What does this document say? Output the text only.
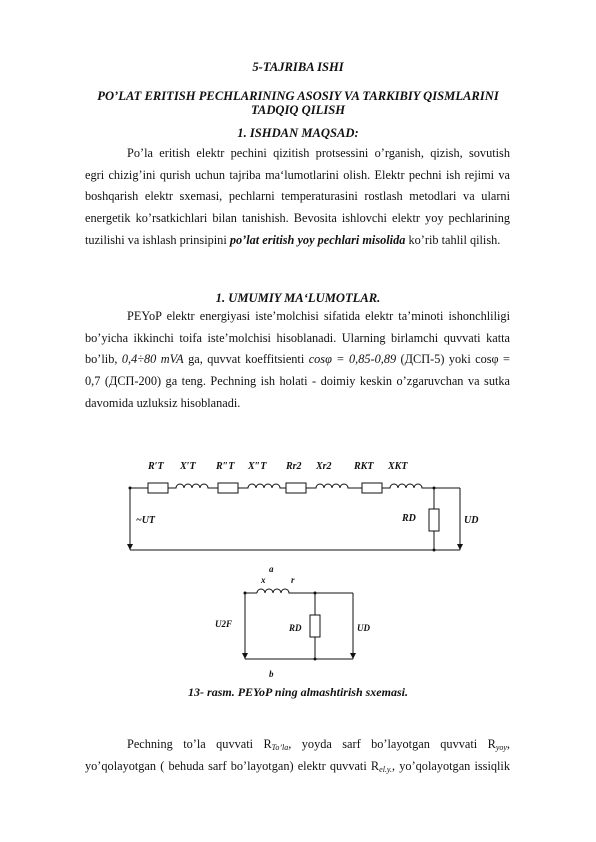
5-TAJRIBA ISHI
PO’LAT ERITISH PECHLARINING ASOSIY VA TARKIBIY QISMLARINI
TADQIQ QILISH
1. ISHDAN MAQSAD:
Po’la eritish elektr pechini qizitish protsessini o’rganish, qizish, sovutish
egri chizig’ini qurish uchun tajriba ma‘lumotlarini olish. Elektr pechni ish rejimi va
boshqarish elektr sxemasi, pechlarni temperaturasini rostlash metodlari va ularni
energetik ko’rsatkichlari bilan tanishish. Bevosita ishlovchi elektr yoy pechlarining
tuzilishi va ishlash prinsipini po’lat eritish yoy pechlari misolida ko’rib tahlil qilish.
1. UMUMIY MA‘LUMOTLAR.
PEYoP elektr energiyasi iste’molchisi sifatida elektr ta’minoti ishonchliligi
bo’yicha ikkinchi toifa iste’molchisi hisoblanadi. Ularning birlamchi quvvati katta
bo’lib, 0,4÷80 mVA ga, quvvat koeffitsienti cosφ = 0,85-0,89 (ДСП-5) yoki cosφ =
0,7 (ДСП-200) ga teng. Pechning ish holati - doimiy keskin o’zgaruvchan va sutka
davomida uzluksiz hisoblanadi.
R′T X′T R″T X″T Rr2 Xr2 RKT XKT
~UT	RD	UD
a
x	r
U2F	RD	UD
b
13- rasm. PEYoP ning almashtirish sxemasi.
Pechning to’la quvvati $R_{To’la}$, yoyda sarf bo’layotgan quvvati $R_{yoy}$,
yo’qolayotgan ( behuda sarf bo’layotgan) elektr quvvati $R_{el.y.}$, yo’qolayotgan issiqlik
